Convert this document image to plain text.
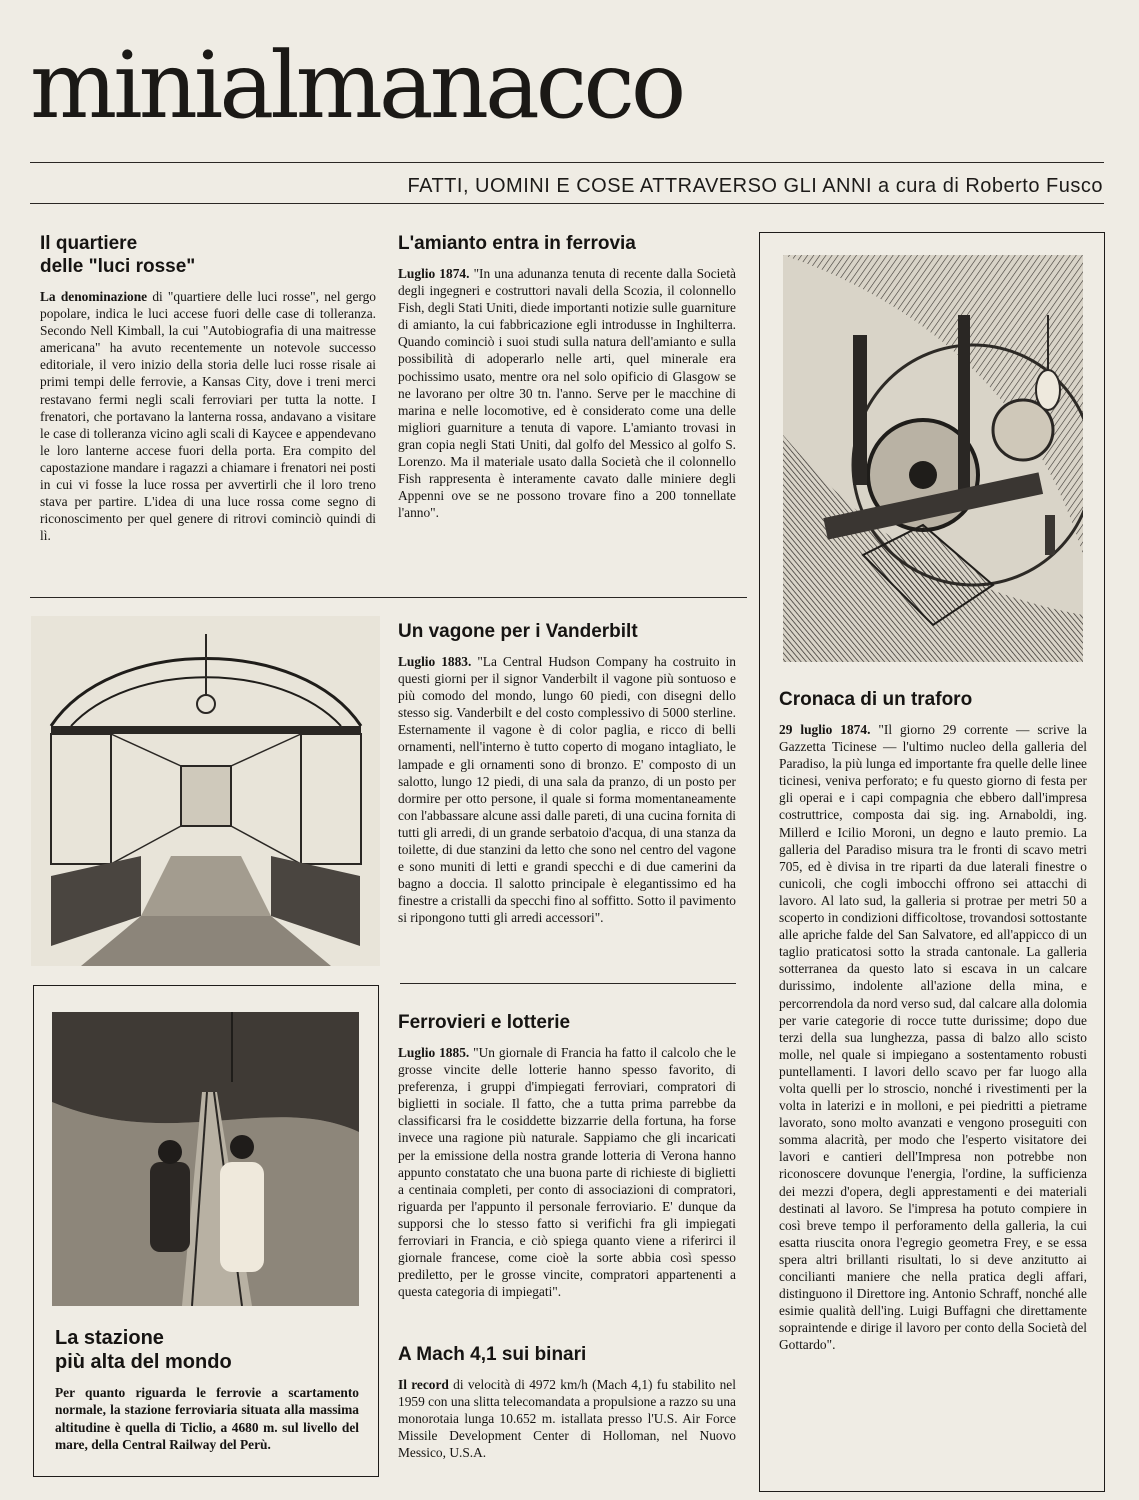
minialmanacco
FATTI, UOMINI E COSE ATTRAVERSO GLI ANNI a cura di Roberto Fusco
Il quartiere
delle "luci rosse"

La denominazione di "quartiere delle luci rosse", nel gergo popolare, indica le luci accese fuori delle case di tolleranza. Secondo Nell Kimball, la cui "Autobiografia di una maitresse americana" ha avuto recentemente un notevole successo editoriale, il vero inizio della storia delle luci rosse risale ai primi tempi delle ferrovie, a Kansas City, dove i treni merci restavano fermi negli scali ferroviari per tutta la notte. I frenatori, che portavano la lanterna rossa, andavano a visitare le case di tolleranza vicino agli scali di Kaycee e appendevano le loro lanterne accese fuori della porta. Era compito del capostazione mandare i ragazzi a chiamare i frenatori nei posti in cui vi fosse la luce rossa per avvertirli che il loro treno stava per partire. L'idea di una luce rossa come segno di riconoscimento per quel genere di ritrovi cominciò quindi di lì.

L'amianto entra in ferrovia

Luglio 1874. "In una adunanza tenuta di recente dalla Società degli ingegneri e costruttori navali della Scozia, il colonnello Fish, degli Stati Uniti, diede importanti notizie sulle guarniture di amianto, la cui fabbricazione egli introdusse in Inghilterra. Quando cominciò i suoi studi sulla natura dell'amianto e sulla possibilità di adoperarlo nelle arti, quel minerale era pochissimo usato, mentre ora nel solo opificio di Glasgow se ne lavorano per oltre 30 tn. l'anno. Serve per le macchine di marina e nelle locomotive, ed è considerato come una delle migliori guarniture a tenuta di vapore. L'amianto trovasi in gran copia negli Stati Uniti, dal golfo del Messico al golfo S. Lorenzo. Ma il materiale usato dalla Società che il colonnello Fish rappresenta è interamente cavato dalle miniere degli Appenni ove se ne possono trovare fino a 200 tonnellate l'anno".

Cronaca di un traforo

29 luglio 1874. "Il giorno 29 corrente — scrive la Gazzetta Ticinese — l'ultimo nucleo della galleria del Paradiso, la più lunga ed importante fra quelle delle linee ticinesi, veniva perforato; e fu questo giorno di festa per gli operai e i capi compagnia che ebbero dall'impresa costruttrice, composta dai sig. ing. Arnaboldi, ing. Millerd e Icilio Moroni, un degno e lauto premio. La galleria del Paradiso misura tra le fronti di scavo metri 705, ed è divisa in tre riparti da due laterali finestre o cunicoli, che cogli imbocchi offrono sei attacchi di lavoro. Al lato sud, la galleria si protrae per metri 50 a scoperto in condizioni difficoltose, trovandosi sottostante alle apriche falde del San Salvatore, ed all'appicco di un taglio praticatosi sotto la strada cantonale. La galleria sotterranea da questo lato si escava in un calcare durissimo, indolente all'azione della mina, e percorrendola da nord verso sud, dal calcare alla dolomia per varie categorie di rocce tutte durissime; dopo due terzi della sua lunghezza, passa di balzo allo scisto molle, nel quale si impiegano a sostentamento robusti puntellamenti. I lavori dello scavo per far luogo alla volta quelli per lo stroscio, nonché i rivestimenti per la volta in laterizi e in molloni, e pei piedritti a pietrame lavorato, sono molto avanzati e vengono proseguiti con somma alacrità, per modo che l'esperto visitatore dei lavori e cantieri dell'Impresa non potrebbe non riconoscere dovunque l'energia, l'ordine, la sufficienza dei mezzi d'opera, degli apprestamenti e dei materiali destinati al lavoro. Se l'impresa ha potuto compiere in così breve tempo il perforamento della galleria, la cui esatta riuscita onora l'egregio geometra Frey, e se essa spera altri brillanti risultati, lo si deve anzitutto ai concilianti maniere che nella pratica degli affari, distinguono il Direttore ing. Antonio Schraff, nonché alle esimie qualità dell'ing. Luigi Buffagni che direttamente sopraintende e dirige il lavoro per conto della Società del Gottardo".

Un vagone per i Vanderbilt

Luglio 1883. "La Central Hudson Company ha costruito in questi giorni per il signor Vanderbilt il vagone più sontuoso e più comodo del mondo, lungo 60 piedi, con disegni dello stesso sig. Vanderbilt e del costo complessivo di 5000 sterline. Esternamente il vagone è di color paglia, e ricco di belli ornamenti, nell'interno è tutto coperto di mogano intagliato, le lampade e gli ornamenti sono di bronzo. E' composto di un salotto, lungo 12 piedi, di una sala da pranzo, di un posto per dormire per otto persone, il quale si forma momentaneamente con l'abbassare alcune assi dalle pareti, di una cucina fornita di tutti gli arredi, di un grande serbatoio d'acqua, di una stanza da toilette, di due stanzini da letto che sono nel centro del vagone e sono muniti di letti e grandi specchi e di due camerini da bagno a doccia. Il salotto principale è elegantissimo ed ha finestre a cristalli da specchi fino al soffitto. Sotto il pavimento si ripongono tutti gli arredi accessori".

La stazione
più alta del mondo

Per quanto riguarda le ferrovie a scartamento normale, la stazione ferroviaria situata alla massima altitudine è quella di Ticlio, a 4680 m. sul livello del mare, della Central Railway del Perù.

Ferrovieri e lotterie

Luglio 1885. "Un giornale di Francia ha fatto il calcolo che le grosse vincite delle lotterie hanno spesso favorito, di preferenza, i gruppi d'impiegati ferroviari, compratori di biglietti in sociale. Il fatto, che a tutta prima parrebbe da classificarsi fra le cosiddette bizzarrie della fortuna, ha forse invece una ragione più naturale. Sappiamo che gli incaricati per la emissione della nostra grande lotteria di Verona hanno appunto constatato che una buona parte di richieste di biglietti a centinaia completi, per conto di associazioni di compratori, riguarda per l'appunto il personale ferroviario. E' dunque da supporsi che lo stesso fatto si verifichi fra gli impiegati ferroviari in Francia, e ciò spiega quanto viene a riferirci il giornale francese, come cioè la sorte abbia così spesso prediletto, per le grosse vincite, compratori appartenenti a questa categoria di impiegati".

A Mach 4,1 sui binari

Il record di velocità di 4972 km/h (Mach 4,1) fu stabilito nel 1959 con una slitta telecomandata a propulsione a razzo su una monorotaia lunga 10.652 m. istallata presso l'U.S. Air Force Missile Development Center di Holloman, nel Nuovo Messico, U.S.A.
